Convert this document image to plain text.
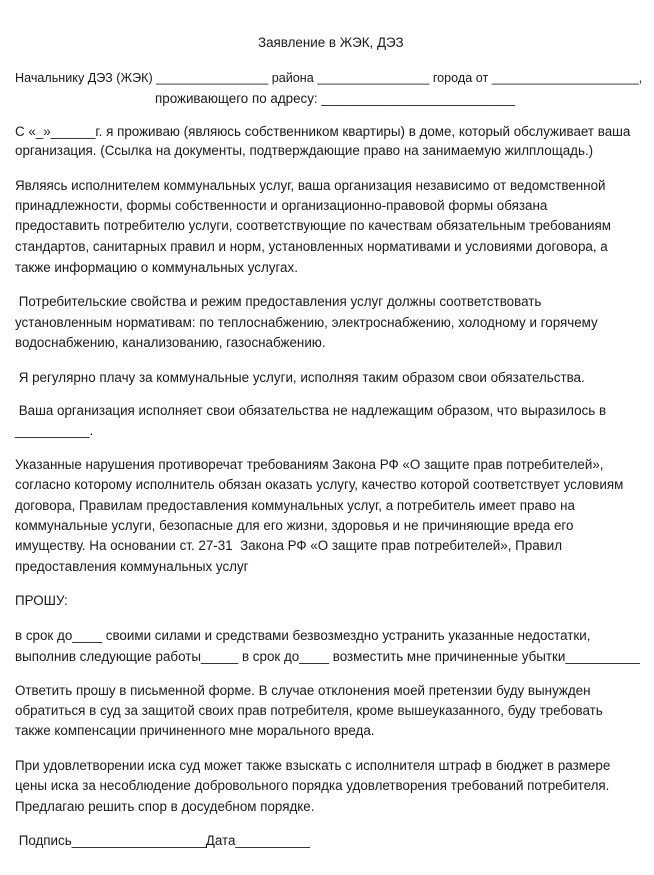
Заявление в ЖЭК, ДЭЗ
Начальнику ДЭЗ (ЖЭК) ________________ района ________________ города от _____________________,
проживающего по адресу: __________________________
С «_»______г. я проживаю (являюсь собственником квартиры) в доме, который обслуживает ваша
организация. (Ссылка на документы, подтверждающие право на занимаемую жилплощадь.)
Являясь исполнителем коммунальных услуг, ваша организация независимо от ведомственной
принадлежности, формы собственности и организационно-правовой формы обязана
предоставить потребителю услуги, соответствующие по качествам обязательным требованиям
стандартов, санитарных правил и норм, установленных нормативами и условиями договора, а
также информацию о коммунальных услугах.
Потребительские свойства и режим предоставления услуг должны соответствовать
установленным нормативам: по теплоснабжению, электроснабжению, холодному и горячему
водоснабжению, канализованию, газоснабжению.
Я регулярно плачу за коммунальные услуги, исполняя таким образом свои обязательства.
Ваша организация исполняет свои обязательства не надлежащим образом, что выразилось в
__________.
Указанные нарушения противоречат требованиям Закона РФ «О защите прав потребителей»,
согласно которому исполнитель обязан оказать услугу, качество которой соответствует условиям
договора, Правилам предоставления коммунальных услуг, а потребитель имеет право на
коммунальные услуги, безопасные для его жизни, здоровья и не причиняющие вреда его
имуществу. На основании ст. 27-31  Закона РФ «О защите прав потребителей», Правил
предоставления коммунальных услуг
ПРОШУ:
в срок до____ своими силами и средствами безвозмездно устранить указанные недостатки,
выполнив следующие работы_____ в срок до____ возместить мне причиненные убытки__________
Ответить прошу в письменной форме. В случае отклонения моей претензии буду вынужден
обратиться в суд за защитой своих прав потребителя, кроме вышеуказанного, буду требовать
также компенсации причиненного мне морального вреда.
При удовлетворении иска суд может также взыскать с исполнителя штраф в бюджет в размере
цены иска за несоблюдение добровольного порядка удовлетворения требований потребителя.
Предлагаю решить спор в досудебном порядке.
Подпись__________________Дата__________
